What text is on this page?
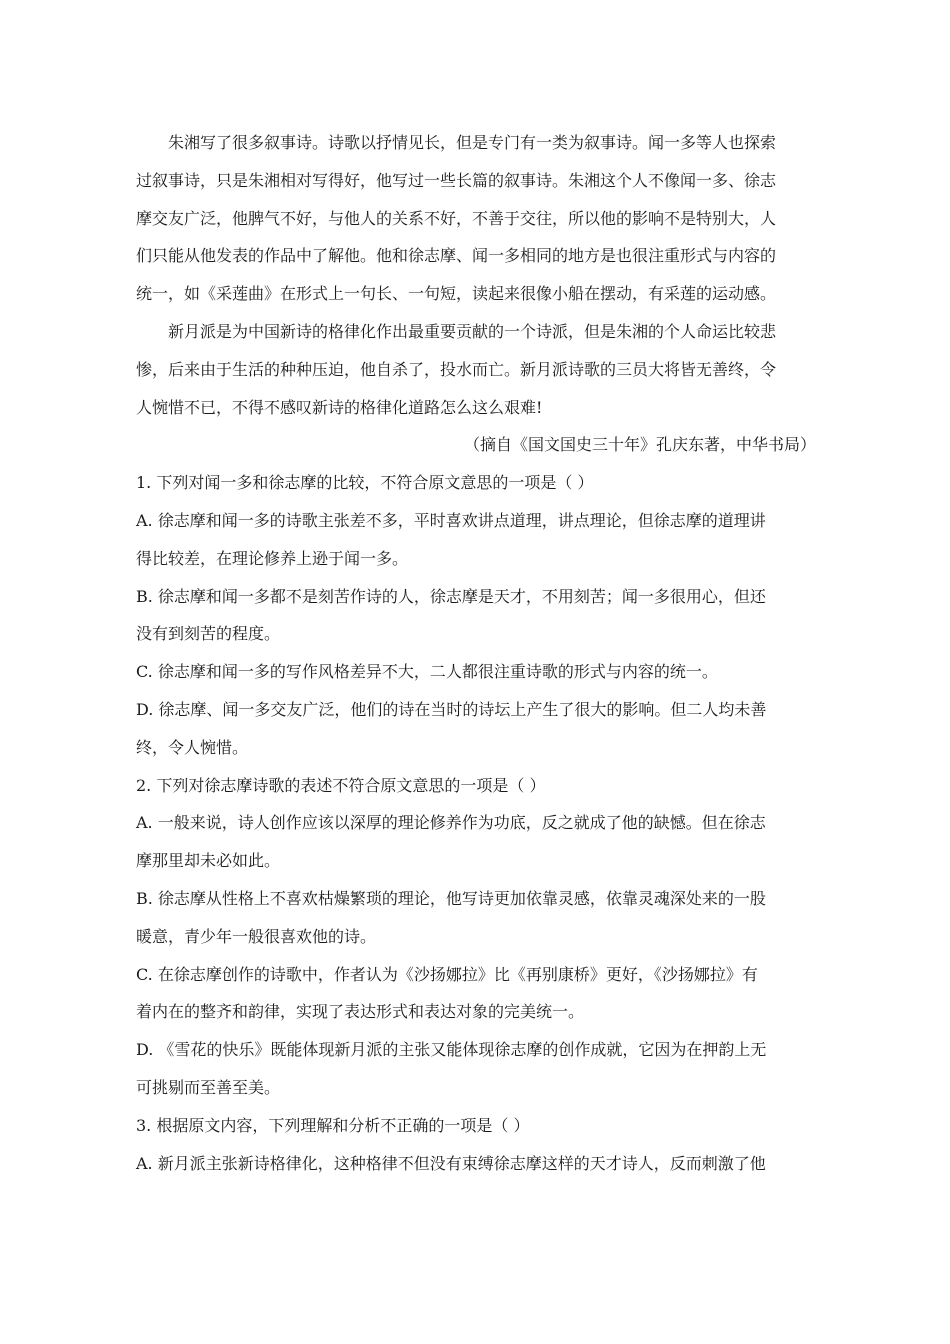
朱湘写了很多叙事诗。诗歌以抒情见长，但是专门有一类为叙事诗。闻一多等人也探索
过叙事诗，只是朱湘相对写得好，他写过一些长篇的叙事诗。朱湘这个人不像闻一多、徐志
摩交友广泛，他脾气不好，与他人的关系不好，不善于交往，所以他的影响不是特别大，人
们只能从他发表的作品中了解他。他和徐志摩、闻一多相同的地方是也很注重形式与内容的
统一，如《采莲曲》在形式上一句长、一句短，读起来很像小船在摆动，有采莲的运动感。
新月派是为中国新诗的格律化作出最重要贡献的一个诗派，但是朱湘的个人命运比较悲
惨，后来由于生活的种种压迫，他自杀了，投水而亡。新月派诗歌的三员大将皆无善终，令
人惋惜不已，不得不感叹新诗的格律化道路怎么这么艰难!
（摘自《国文国史三十年》孔庆东著，中华书局）
1. 下列对闻一多和徐志摩的比较，不符合原文意思的一项是（ ）
A. 徐志摩和闻一多的诗歌主张差不多，平时喜欢讲点道理，讲点理论，但徐志摩的道理讲
得比较差，在理论修养上逊于闻一多。
B. 徐志摩和闻一多都不是刻苦作诗的人，徐志摩是天才，不用刻苦；闻一多很用心，但还
没有到刻苦的程度。
C. 徐志摩和闻一多的写作风格差异不大，二人都很注重诗歌的形式与内容的统一。
D. 徐志摩、闻一多交友广泛，他们的诗在当时的诗坛上产生了很大的影响。但二人均未善
终，令人惋惜。
2. 下列对徐志摩诗歌的表述不符合原文意思的一项是（ ）
A. 一般来说，诗人创作应该以深厚的理论修养作为功底，反之就成了他的缺憾。但在徐志
摩那里却未必如此。
B. 徐志摩从性格上不喜欢枯燥繁琐的理论，他写诗更加依靠灵感，依靠灵魂深处来的一股
暖意，青少年一般很喜欢他的诗。
C. 在徐志摩创作的诗歌中，作者认为《沙扬娜拉》比《再别康桥》更好，《沙扬娜拉》有
着内在的整齐和韵律，实现了表达形式和表达对象的完美统一。
D. 《雪花的快乐》既能体现新月派的主张又能体现徐志摩的创作成就，它因为在押韵上无
可挑剔而至善至美。
3. 根据原文内容，下列理解和分析不正确的一项是（ ）
A. 新月派主张新诗格律化，这种格律不但没有束缚徐志摩这样的天才诗人，反而刺激了他
